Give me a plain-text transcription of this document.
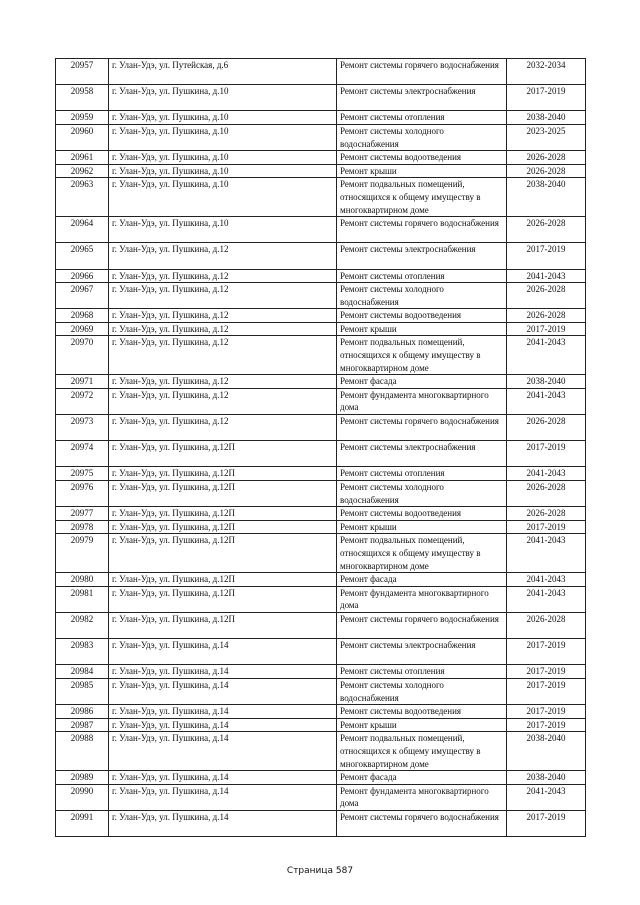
20957	г. Улан-Удэ, ул. Путейская, д.6	Ремонт системы горячего водоснабжения	2032-2034
20958	г. Улан-Удэ, ул. Пушкина, д.10	Ремонт системы электроснабжения	2017-2019
20959	г. Улан-Удэ, ул. Пушкина, д.10	Ремонт системы отопления	2038-2040
20960	г. Улан-Удэ, ул. Пушкина, д.10	Ремонт системы холодного водоснабжения	2023-2025
20961	г. Улан-Удэ, ул. Пушкина, д.10	Ремонт системы водоотведения	2026-2028
20962	г. Улан-Удэ, ул. Пушкина, д.10	Ремонт крыши	2026-2028
20963	г. Улан-Удэ, ул. Пушкина, д.10	Ремонт подвальных помещений, относящихся к общему имуществу в многоквартирном доме	2038-2040
20964	г. Улан-Удэ, ул. Пушкина, д.10	Ремонт системы горячего водоснабжения	2026-2028
20965	г. Улан-Удэ, ул. Пушкина, д.12	Ремонт системы электроснабжения	2017-2019
20966	г. Улан-Удэ, ул. Пушкина, д.12	Ремонт системы отопления	2041-2043
20967	г. Улан-Удэ, ул. Пушкина, д.12	Ремонт системы холодного водоснабжения	2026-2028
20968	г. Улан-Удэ, ул. Пушкина, д.12	Ремонт системы водоотведения	2026-2028
20969	г. Улан-Удэ, ул. Пушкина, д.12	Ремонт крыши	2017-2019
20970	г. Улан-Удэ, ул. Пушкина, д.12	Ремонт подвальных помещений, относящихся к общему имуществу в многоквартирном доме	2041-2043
20971	г. Улан-Удэ, ул. Пушкина, д.12	Ремонт фасада	2038-2040
20972	г. Улан-Удэ, ул. Пушкина, д.12	Ремонт фундамента многоквартирного дома	2041-2043
20973	г. Улан-Удэ, ул. Пушкина, д.12	Ремонт системы горячего водоснабжения	2026-2028
20974	г. Улан-Удэ, ул. Пушкина, д.12П	Ремонт системы электроснабжения	2017-2019
20975	г. Улан-Удэ, ул. Пушкина, д.12П	Ремонт системы отопления	2041-2043
20976	г. Улан-Удэ, ул. Пушкина, д.12П	Ремонт системы холодного водоснабжения	2026-2028
20977	г. Улан-Удэ, ул. Пушкина, д.12П	Ремонт системы водоотведения	2026-2028
20978	г. Улан-Удэ, ул. Пушкина, д.12П	Ремонт крыши	2017-2019
20979	г. Улан-Удэ, ул. Пушкина, д.12П	Ремонт подвальных помещений, относящихся к общему имуществу в многоквартирном доме	2041-2043
20980	г. Улан-Удэ, ул. Пушкина, д.12П	Ремонт фасада	2041-2043
20981	г. Улан-Удэ, ул. Пушкина, д.12П	Ремонт фундамента многоквартирного дома	2041-2043
20982	г. Улан-Удэ, ул. Пушкина, д.12П	Ремонт системы горячего водоснабжения	2026-2028
20983	г. Улан-Удэ, ул. Пушкина, д.14	Ремонт системы электроснабжения	2017-2019
20984	г. Улан-Удэ, ул. Пушкина, д.14	Ремонт системы отопления	2017-2019
20985	г. Улан-Удэ, ул. Пушкина, д.14	Ремонт системы холодного водоснабжения	2017-2019
20986	г. Улан-Удэ, ул. Пушкина, д.14	Ремонт системы водоотведения	2017-2019
20987	г. Улан-Удэ, ул. Пушкина, д.14	Ремонт крыши	2017-2019
20988	г. Улан-Удэ, ул. Пушкина, д.14	Ремонт подвальных помещений, относящихся к общему имуществу в многоквартирном доме	2038-2040
20989	г. Улан-Удэ, ул. Пушкина, д.14	Ремонт фасада	2038-2040
20990	г. Улан-Удэ, ул. Пушкина, д.14	Ремонт фундамента многоквартирного дома	2041-2043
20991	г. Улан-Удэ, ул. Пушкина, д.14	Ремонт системы горячего водоснабжения	2017-2019
Страница 587
